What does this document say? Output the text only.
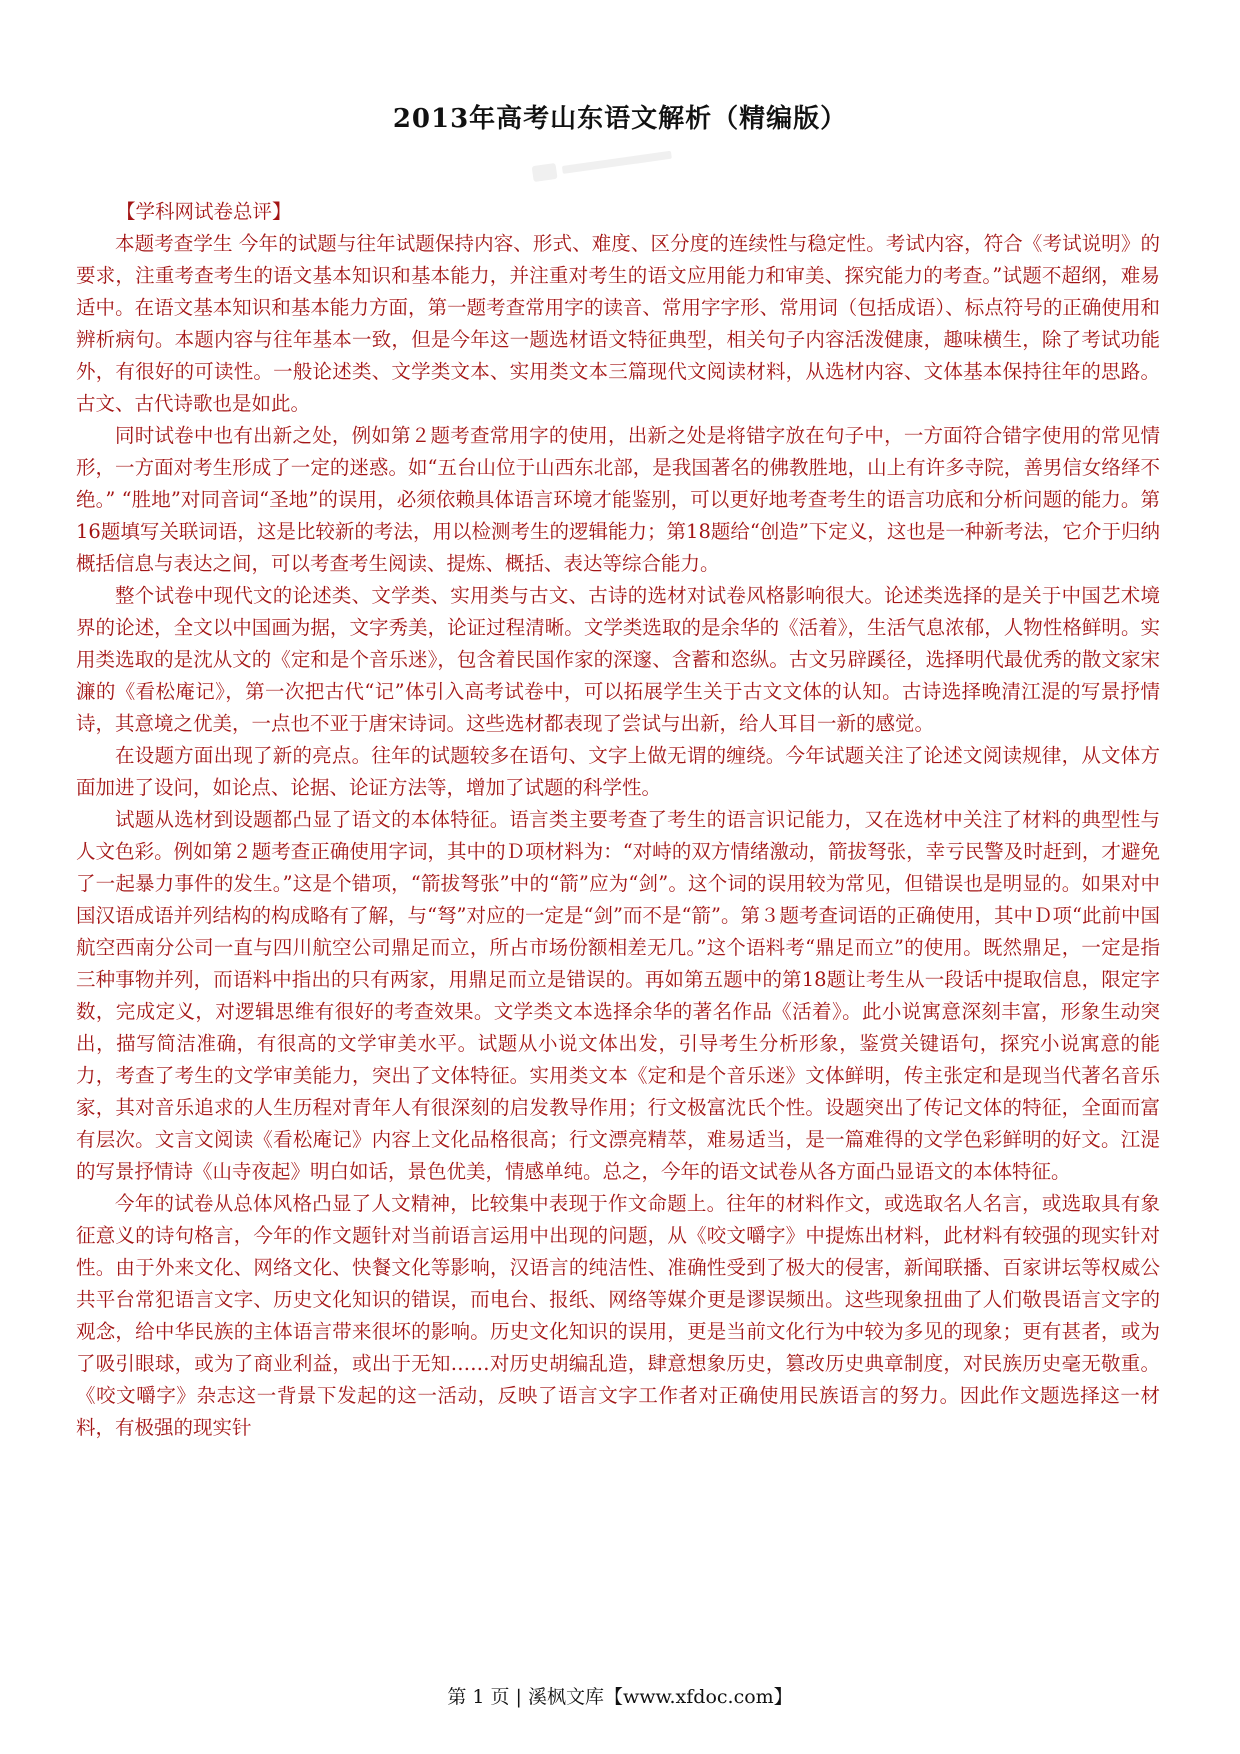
2013年高考山东语文解析（精编版）

【学科网试卷总评】

本题考查学生 今年的试题与往年试题保持内容、形式、难度、区分度的连续性与稳定性。考试内容，符合《考试说明》的要求，注重考查考生的语文基本知识和基本能力，并注重对考生的语文应用能力和审美、探究能力的考查。”试题不超纲，难易适中。在语文基本知识和基本能力方面，第一题考查常用字的读音、常用字字形、常用词（包括成语）、标点符号的正确使用和辨析病句。本题内容与往年基本一致，但是今年这一题选材语文特征典型，相关句子内容活泼健康，趣味横生，除了考试功能外，有很好的可读性。一般论述类、文学类文本、实用类文本三篇现代文阅读材料，从选材内容、文体基本保持往年的思路。古文、古代诗歌也是如此。

同时试卷中也有出新之处，例如第２题考查常用字的使用，出新之处是将错字放在句子中，一方面符合错字使用的常见情形，一方面对考生形成了一定的迷惑。如“五台山位于山西东北部，是我国著名的佛教胜地，山上有许多寺院，善男信女络绎不绝。” “胜地”对同音词“圣地”的误用，必须依赖具体语言环境才能鉴别，可以更好地考查考生的语言功底和分析问题的能力。第16题填写关联词语，这是比较新的考法，用以检测考生的逻辑能力；第18题给“创造”下定义，这也是一种新考法，它介于归纳概括信息与表达之间，可以考查考生阅读、提炼、概括、表达等综合能力。

整个试卷中现代文的论述类、文学类、实用类与古文、古诗的选材对试卷风格影响很大。论述类选择的是关于中国艺术境界的论述，全文以中国画为据，文字秀美，论证过程清晰。文学类选取的是余华的《活着》，生活气息浓郁，人物性格鲜明。实用类选取的是沈从文的《定和是个音乐迷》，包含着民国作家的深邃、含蓄和恣纵。古文另辟蹊径，选择明代最优秀的散文家宋濂的《看松庵记》，第一次把古代“记”体引入高考试卷中，可以拓展学生关于古文文体的认知。古诗选择晚清江湜的写景抒情诗，其意境之优美，一点也不亚于唐宋诗词。这些选材都表现了尝试与出新，给人耳目一新的感觉。

在设题方面出现了新的亮点。往年的试题较多在语句、文字上做无谓的缠绕。今年试题关注了论述文阅读规律，从文体方面加进了设问，如论点、论据、论证方法等，增加了试题的科学性。

试题从选材到设题都凸显了语文的本体特征。语言类主要考查了考生的语言识记能力，又在选材中关注了材料的典型性与人文色彩。例如第２题考查正确使用字词，其中的Ｄ项材料为：“对峙的双方情绪激动，箭拔弩张，幸亏民警及时赶到，才避免了一起暴力事件的发生。”这是个错项，“箭拔弩张”中的“箭”应为“剑”。这个词的误用较为常见，但错误也是明显的。如果对中国汉语成语并列结构的构成略有了解，与“弩”对应的一定是“剑”而不是“箭”。第３题考查词语的正确使用，其中Ｄ项“此前中国航空西南分公司一直与四川航空公司鼎足而立，所占市场份额相差无几。”这个语料考“鼎足而立”的使用。既然鼎足，一定是指三种事物并列，而语料中指出的只有两家，用鼎足而立是错误的。再如第五题中的第18题让考生从一段话中提取信息，限定字数，完成定义，对逻辑思维有很好的考查效果。文学类文本选择余华的著名作品《活着》。此小说寓意深刻丰富，形象生动突出，描写简洁准确，有很高的文学审美水平。试题从小说文体出发，引导考生分析形象，鉴赏关键语句，探究小说寓意的能力，考查了考生的文学审美能力，突出了文体特征。实用类文本《定和是个音乐迷》文体鲜明，传主张定和是现当代著名音乐家，其对音乐追求的人生历程对青年人有很深刻的启发教导作用；行文极富沈氏个性。设题突出了传记文体的特征，全面而富有层次。文言文阅读《看松庵记》内容上文化品格很高；行文漂亮精萃，难易适当，是一篇难得的文学色彩鲜明的好文。江湜的写景抒情诗《山寺夜起》明白如话，景色优美，情感单纯。总之，今年的语文试卷从各方面凸显语文的本体特征。

今年的试卷从总体风格凸显了人文精神，比较集中表现于作文命题上。往年的材料作文，或选取名人名言，或选取具有象征意义的诗句格言，今年的作文题针对当前语言运用中出现的问题，从《咬文嚼字》中提炼出材料，此材料有较强的现实针对性。由于外来文化、网络文化、快餐文化等影响，汉语言的纯洁性、准确性受到了极大的侵害，新闻联播、百家讲坛等权威公共平台常犯语言文字、历史文化知识的错误，而电台、报纸、网络等媒介更是谬误频出。这些现象扭曲了人们敬畏语言文字的观念，给中华民族的主体语言带来很坏的影响。历史文化知识的误用，更是当前文化行为中较为多见的现象；更有甚者，或为了吸引眼球，或为了商业利益，或出于无知……对历史胡编乱造，肆意想象历史，篡改历史典章制度，对民族历史毫无敬重。《咬文嚼字》杂志这一背景下发起的这一活动，反映了语言文字工作者对正确使用民族语言的努力。因此作文题选择这一材料，有极强的现实针

第 1 页 | 溪枫文库【www.xfdoc.com】
